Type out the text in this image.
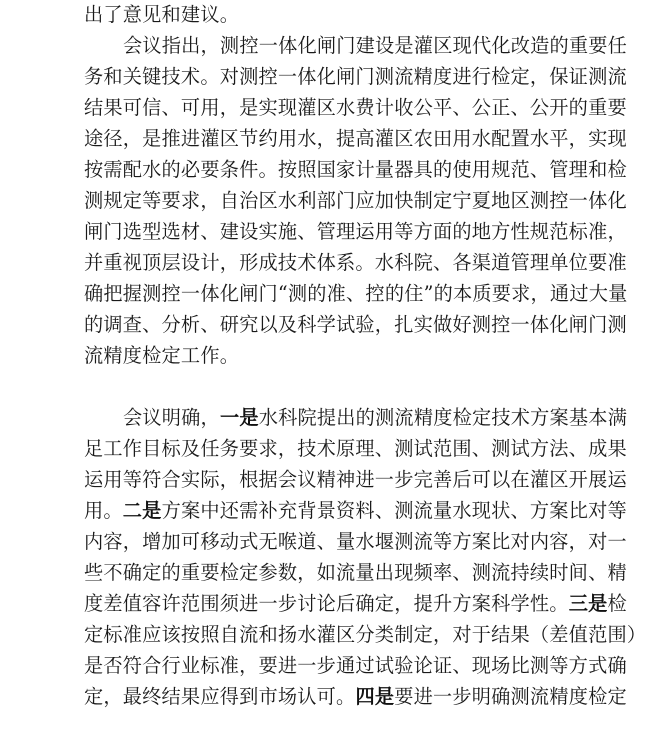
出了意见和建议。
会议指出，测控一体化闸门建设是灌区现代化改造的重要任
务和关键技术。对测控一体化闸门测流精度进行检定，保证测流
结果可信、可用，是实现灌区水费计收公平、公正、公开的重要
途径，是推进灌区节约用水，提高灌区农田用水配置水平，实现
按需配水的必要条件。按照国家计量器具的使用规范、管理和检
测规定等要求，自治区水利部门应加快制定宁夏地区测控一体化
闸门选型选材、建设实施、管理运用等方面的地方性规范标准，
并重视顶层设计，形成技术体系。水科院、各渠道管理单位要准
确把握测控一体化闸门“测的准、控的住”的本质要求，通过大量
的调查、分析、研究以及科学试验，扎实做好测控一体化闸门测
流精度检定工作。
会议明确，一是水科院提出的测流精度检定技术方案基本满
足工作目标及任务要求，技术原理、测试范围、测试方法、成果
运用等符合实际，根据会议精神进一步完善后可以在灌区开展运
用。二是方案中还需补充背景资料、测流量水现状、方案比对等
内容，增加可移动式无喉道、量水堰测流等方案比对内容，对一
些不确定的重要检定参数，如流量出现频率、测流持续时间、精
度差值容许范围须进一步讨论后确定，提升方案科学性。三是检
定标准应该按照自流和扬水灌区分类制定，对于结果（差值范围）
是否符合行业标准，要进一步通过试验论证、现场比测等方式确
定，最终结果应得到市场认可。四是要进一步明确测流精度检定
